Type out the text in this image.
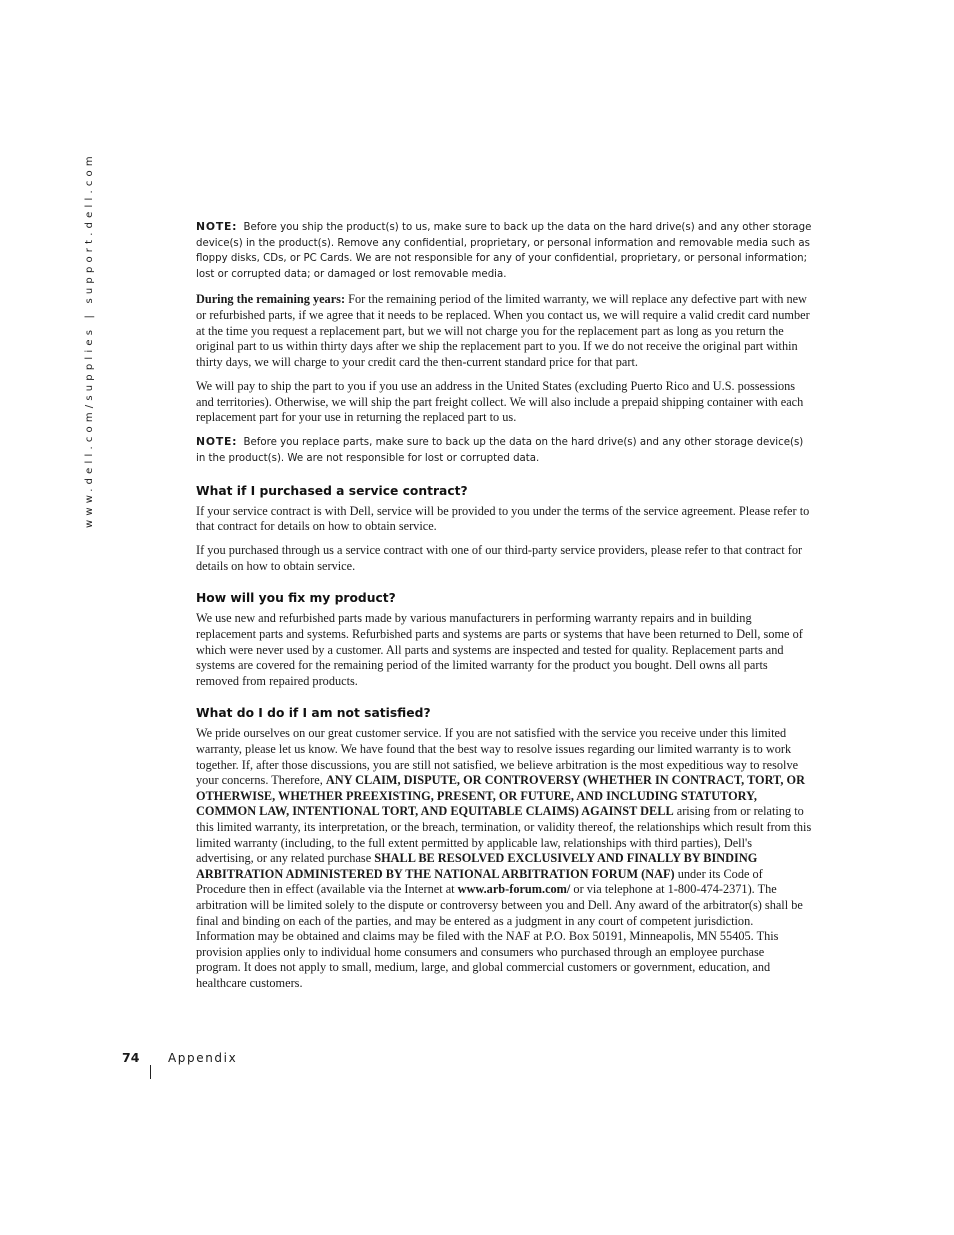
www.dell.com/supplies | support.dell.com	NOTE: Before you ship the product(s) to us, make sure to back up the data on the hard drive(s) and any other storage device(s) in the product(s). Remove any confidential, proprietary, or personal information and removable media such as floppy disks, CDs, or PC Cards. We are not responsible for any of your confidential, proprietary, or personal information; lost or corrupted data; or damaged or lost removable media.

During the remaining years: For the remaining period of the limited warranty, we will replace any defective part with new or refurbished parts, if we agree that it needs to be replaced. When you contact us, we will require a valid credit card number at the time you request a replacement part, but we will not charge you for the replacement part as long as you return the original part to us within thirty days after we ship the replacement part to you. If we do not receive the original part within thirty days, we will charge to your credit card the then-current standard price for that part.

We will pay to ship the part to you if you use an address in the United States (excluding Puerto Rico and U.S. possessions and territories). Otherwise, we will ship the part freight collect. We will also include a prepaid shipping container with each replacement part for your use in returning the replaced part to us.

NOTE: Before you replace parts, make sure to back up the data on the hard drive(s) and any other storage device(s) in the product(s). We are not responsible for lost or corrupted data.

What if I purchased a service contract?

If your service contract is with Dell, service will be provided to you under the terms of the service agreement. Please refer to that contract for details on how to obtain service.

If you purchased through us a service contract with one of our third-party service providers, please refer to that contract for details on how to obtain service.

How will you fix my product?

We use new and refurbished parts made by various manufacturers in performing warranty repairs and in building replacement parts and systems. Refurbished parts and systems are parts or systems that have been returned to Dell, some of which were never used by a customer. All parts and systems are inspected and tested for quality. Replacement parts and systems are covered for the remaining period of the limited warranty for the product you bought. Dell owns all parts removed from repaired products.

What do I do if I am not satisfied?

We pride ourselves on our great customer service. If you are not satisfied with the service you receive under this limited warranty, please let us know. We have found that the best way to resolve issues regarding our limited warranty is to work together. If, after those discussions, you are still not satisfied, we believe arbitration is the most expeditious way to resolve your concerns. Therefore, ANY CLAIM, DISPUTE, OR CONTROVERSY (WHETHER IN CONTRACT, TORT, OR OTHERWISE, WHETHER PREEXISTING, PRESENT, OR FUTURE, AND INCLUDING STATUTORY, COMMON LAW, INTENTIONAL TORT, AND EQUITABLE CLAIMS) AGAINST DELL arising from or relating to this limited warranty, its interpretation, or the breach, termination, or validity thereof, the relationships which result from this limited warranty (including, to the full extent permitted by applicable law, relationships with third parties), Dell's advertising, or any related purchase SHALL BE RESOLVED EXCLUSIVELY AND FINALLY BY BINDING ARBITRATION ADMINISTERED BY THE NATIONAL ARBITRATION FORUM (NAF) under its Code of Procedure then in effect (available via the Internet at www.arb-forum.com/ or via telephone at 1-800-474-2371). The arbitration will be limited solely to the dispute or controversy between you and Dell. Any award of the arbitrator(s) shall be final and binding on each of the parties, and may be entered as a judgment in any court of competent jurisdiction. Information may be obtained and claims may be filed with the NAF at P.O. Box 50191, Minneapolis, MN 55405. This provision applies only to individual home consumers and consumers who purchased through an employee purchase program. It does not apply to small, medium, large, and global commercial customers or government, education, and healthcare customers.

74 Appendix
